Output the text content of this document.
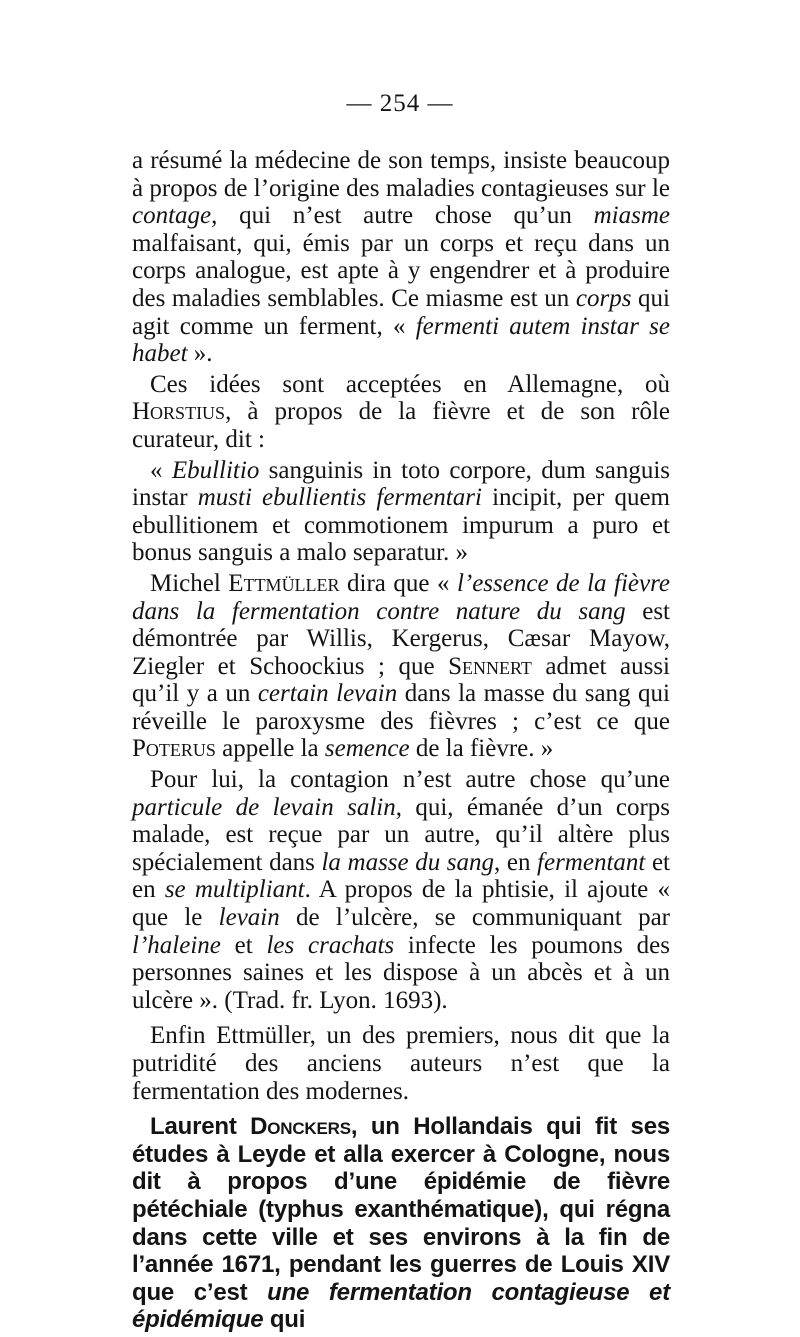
— 254 —

a résumé la médecine de son temps, insiste beaucoup à propos de l’origine des maladies contagieuses sur le contage, qui n’est autre chose qu’un miasme malfaisant, qui, émis par un corps et reçu dans un corps analogue, est apte à y engendrer et à produire des maladies semblables. Ce miasme est un corps qui agit comme un ferment, « fermenti autem instar se habet ».

Ces idées sont acceptées en Allemagne, où Horstius, à propos de la fièvre et de son rôle curateur, dit :

« Ebullitio sanguinis in toto corpore, dum sanguis instar musti ebullientis fermentari incipit, per quem ebullitionem et commotionem impurum a puro et bonus sanguis a malo separatur. »

Michel Ettmüller dira que « l’essence de la fièvre dans la fermentation contre nature du sang est démontrée par Willis, Kergerus, Cæsar Mayow, Ziegler et Schoockius ; que Sennert admet aussi qu’il y a un certain levain dans la masse du sang qui réveille le paroxysme des fièvres ; c’est ce que Poterus appelle la semence de la fièvre. »

Pour lui, la contagion n’est autre chose qu’une particule de levain salin, qui, émanée d’un corps malade, est reçue par un autre, qu’il altère plus spécialement dans la masse du sang, en fermentant et en se multipliant. A propos de la phtisie, il ajoute « que le levain de l’ulcère, se communiquant par l’haleine et les crachats infecte les poumons des personnes saines et les dispose à un abcès et à un ulcère ». (Trad. fr. Lyon. 1693).

Enfin Ettmüller, un des premiers, nous dit que la putridité des anciens auteurs n’est que la fermentation des modernes.

Laurent Donckers, un Hollandais qui fit ses études à Leyde et alla exercer à Cologne, nous dit à propos d’une épidémie de fièvre pétéchiale (typhus exanthématique), qui régna dans cette ville et ses environs à la fin de l’année 1671, pendant les guerres de Louis XIV que c’est une fermentation contagieuse et épidémique qui
